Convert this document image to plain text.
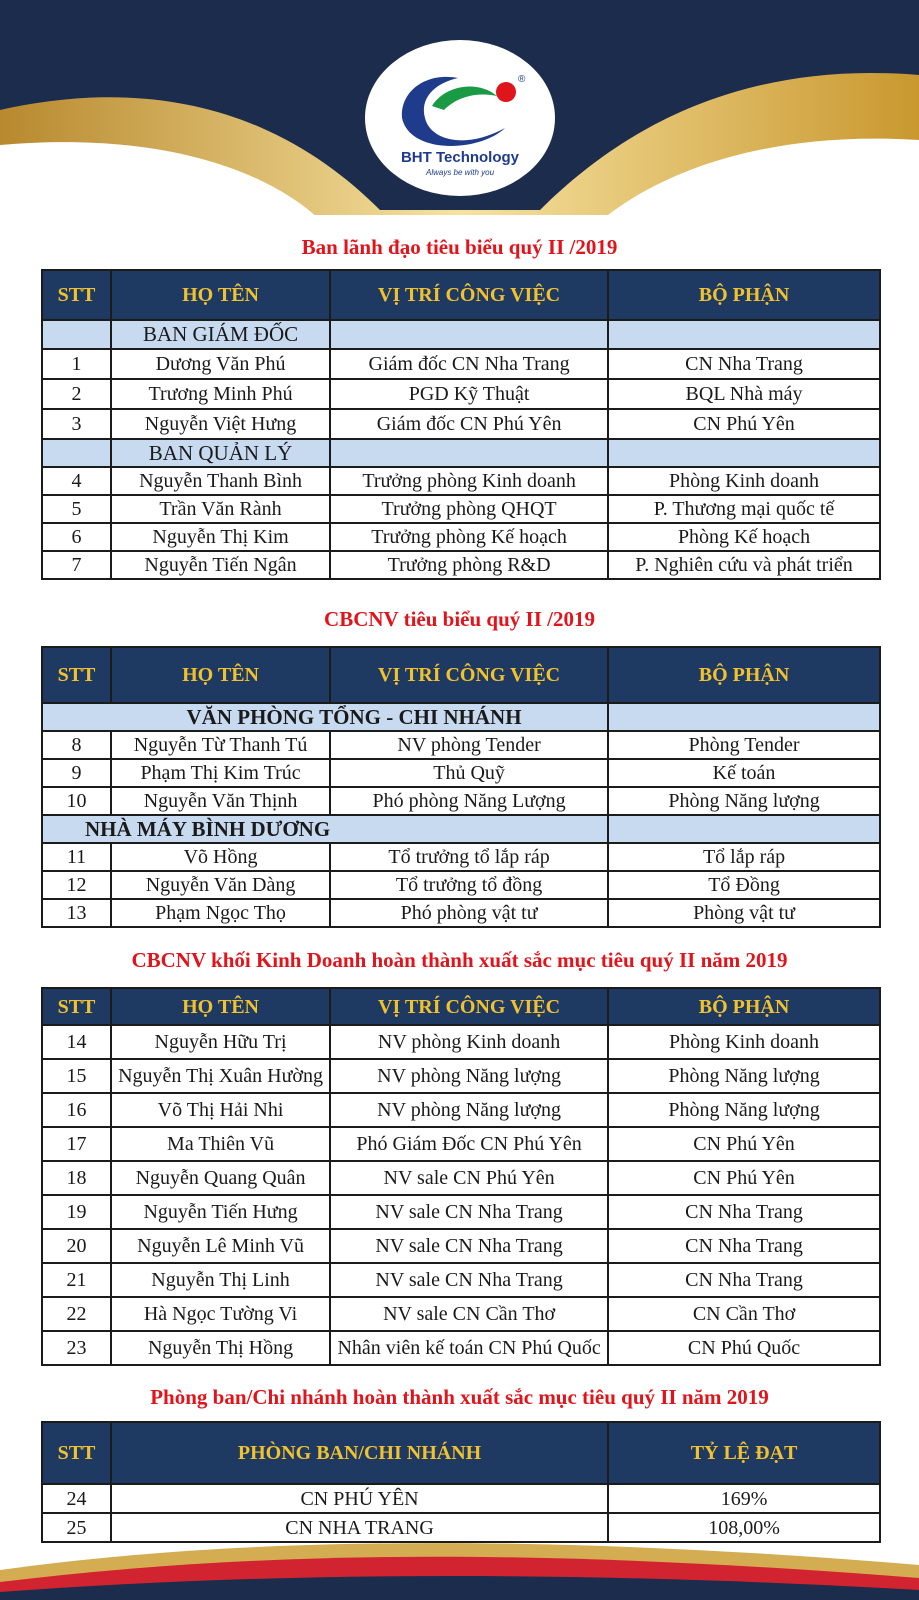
®
BHT Technology
Always be with you
Ban lãnh đạo tiêu biểu quý II /2019
STT	HỌ TÊN	VỊ TRÍ CÔNG VIỆC	BỘ PHẬN
	BAN GIÁM ĐỐC		
1	Dương Văn Phú	Giám đốc CN Nha Trang	CN Nha Trang
2	Trương Minh Phú	PGD Kỹ Thuật	BQL Nhà máy
3	Nguyễn Việt Hưng	Giám đốc CN Phú Yên	CN Phú Yên
	BAN QUẢN LÝ		
4	Nguyễn Thanh Bình	Trưởng phòng Kinh doanh	Phòng Kinh doanh
5	Trần Văn Rành	Trưởng phòng QHQT	P. Thương mại quốc tế
6	Nguyễn Thị Kim	Trưởng phòng Kế hoạch	Phòng Kế hoạch
7	Nguyễn Tiến Ngân	Trưởng phòng R&D	P. Nghiên cứu và phát triển
CBCNV tiêu biểu quý II /2019
STT	HỌ TÊN	VỊ TRÍ CÔNG VIỆC	BỘ PHẬN
VĂN PHÒNG TỔNG - CHI NHÁNH			
8	Nguyễn Từ Thanh Tú	NV phòng Tender	Phòng Tender
9	Phạm Thị Kim Trúc	Thủ Quỹ	Kế toán
10	Nguyễn Văn Thịnh	Phó phòng Năng Lượng	Phòng Năng lượng
NHÀ MÁY BÌNH DƯƠNG			
11	Võ Hồng	Tổ trưởng tổ lắp ráp	Tổ lắp ráp
12	Nguyễn Văn Dàng	Tổ trưởng tổ đồng	Tổ Đồng
13	Phạm Ngọc Thọ	Phó phòng vật tư	Phòng vật tư
CBCNV khối Kinh Doanh hoàn thành xuất sắc mục tiêu quý II năm 2019
STT	HỌ TÊN	VỊ TRÍ CÔNG VIỆC	BỘ PHẬN
14	Nguyễn Hữu Trị	NV phòng Kinh doanh	Phòng Kinh doanh
15	Nguyễn Thị Xuân Hường	NV phòng Năng lượng	Phòng Năng lượng
16	Võ Thị Hải Nhi	NV phòng Năng lượng	Phòng Năng lượng
17	Ma Thiên Vũ	Phó Giám Đốc CN Phú Yên	CN Phú Yên
18	Nguyễn Quang Quân	NV sale CN Phú Yên	CN Phú Yên
19	Nguyễn Tiến Hưng	NV sale CN Nha Trang	CN Nha Trang
20	Nguyễn Lê Minh Vũ	NV sale CN Nha Trang	CN Nha Trang
21	Nguyễn Thị Linh	NV sale CN Nha Trang	CN Nha Trang
22	Hà Ngọc Tường Vi	NV sale CN Cần Thơ	CN Cần Thơ
23	Nguyễn Thị Hồng	Nhân viên kế toán CN Phú Quốc	CN Phú Quốc
Phòng ban/Chi nhánh hoàn thành xuất sắc mục tiêu quý II năm 2019
STT	PHÒNG BAN/CHI NHÁNH	TỶ LỆ ĐẠT
24	CN PHÚ YÊN	169%
25	CN NHA TRANG	108,00%
